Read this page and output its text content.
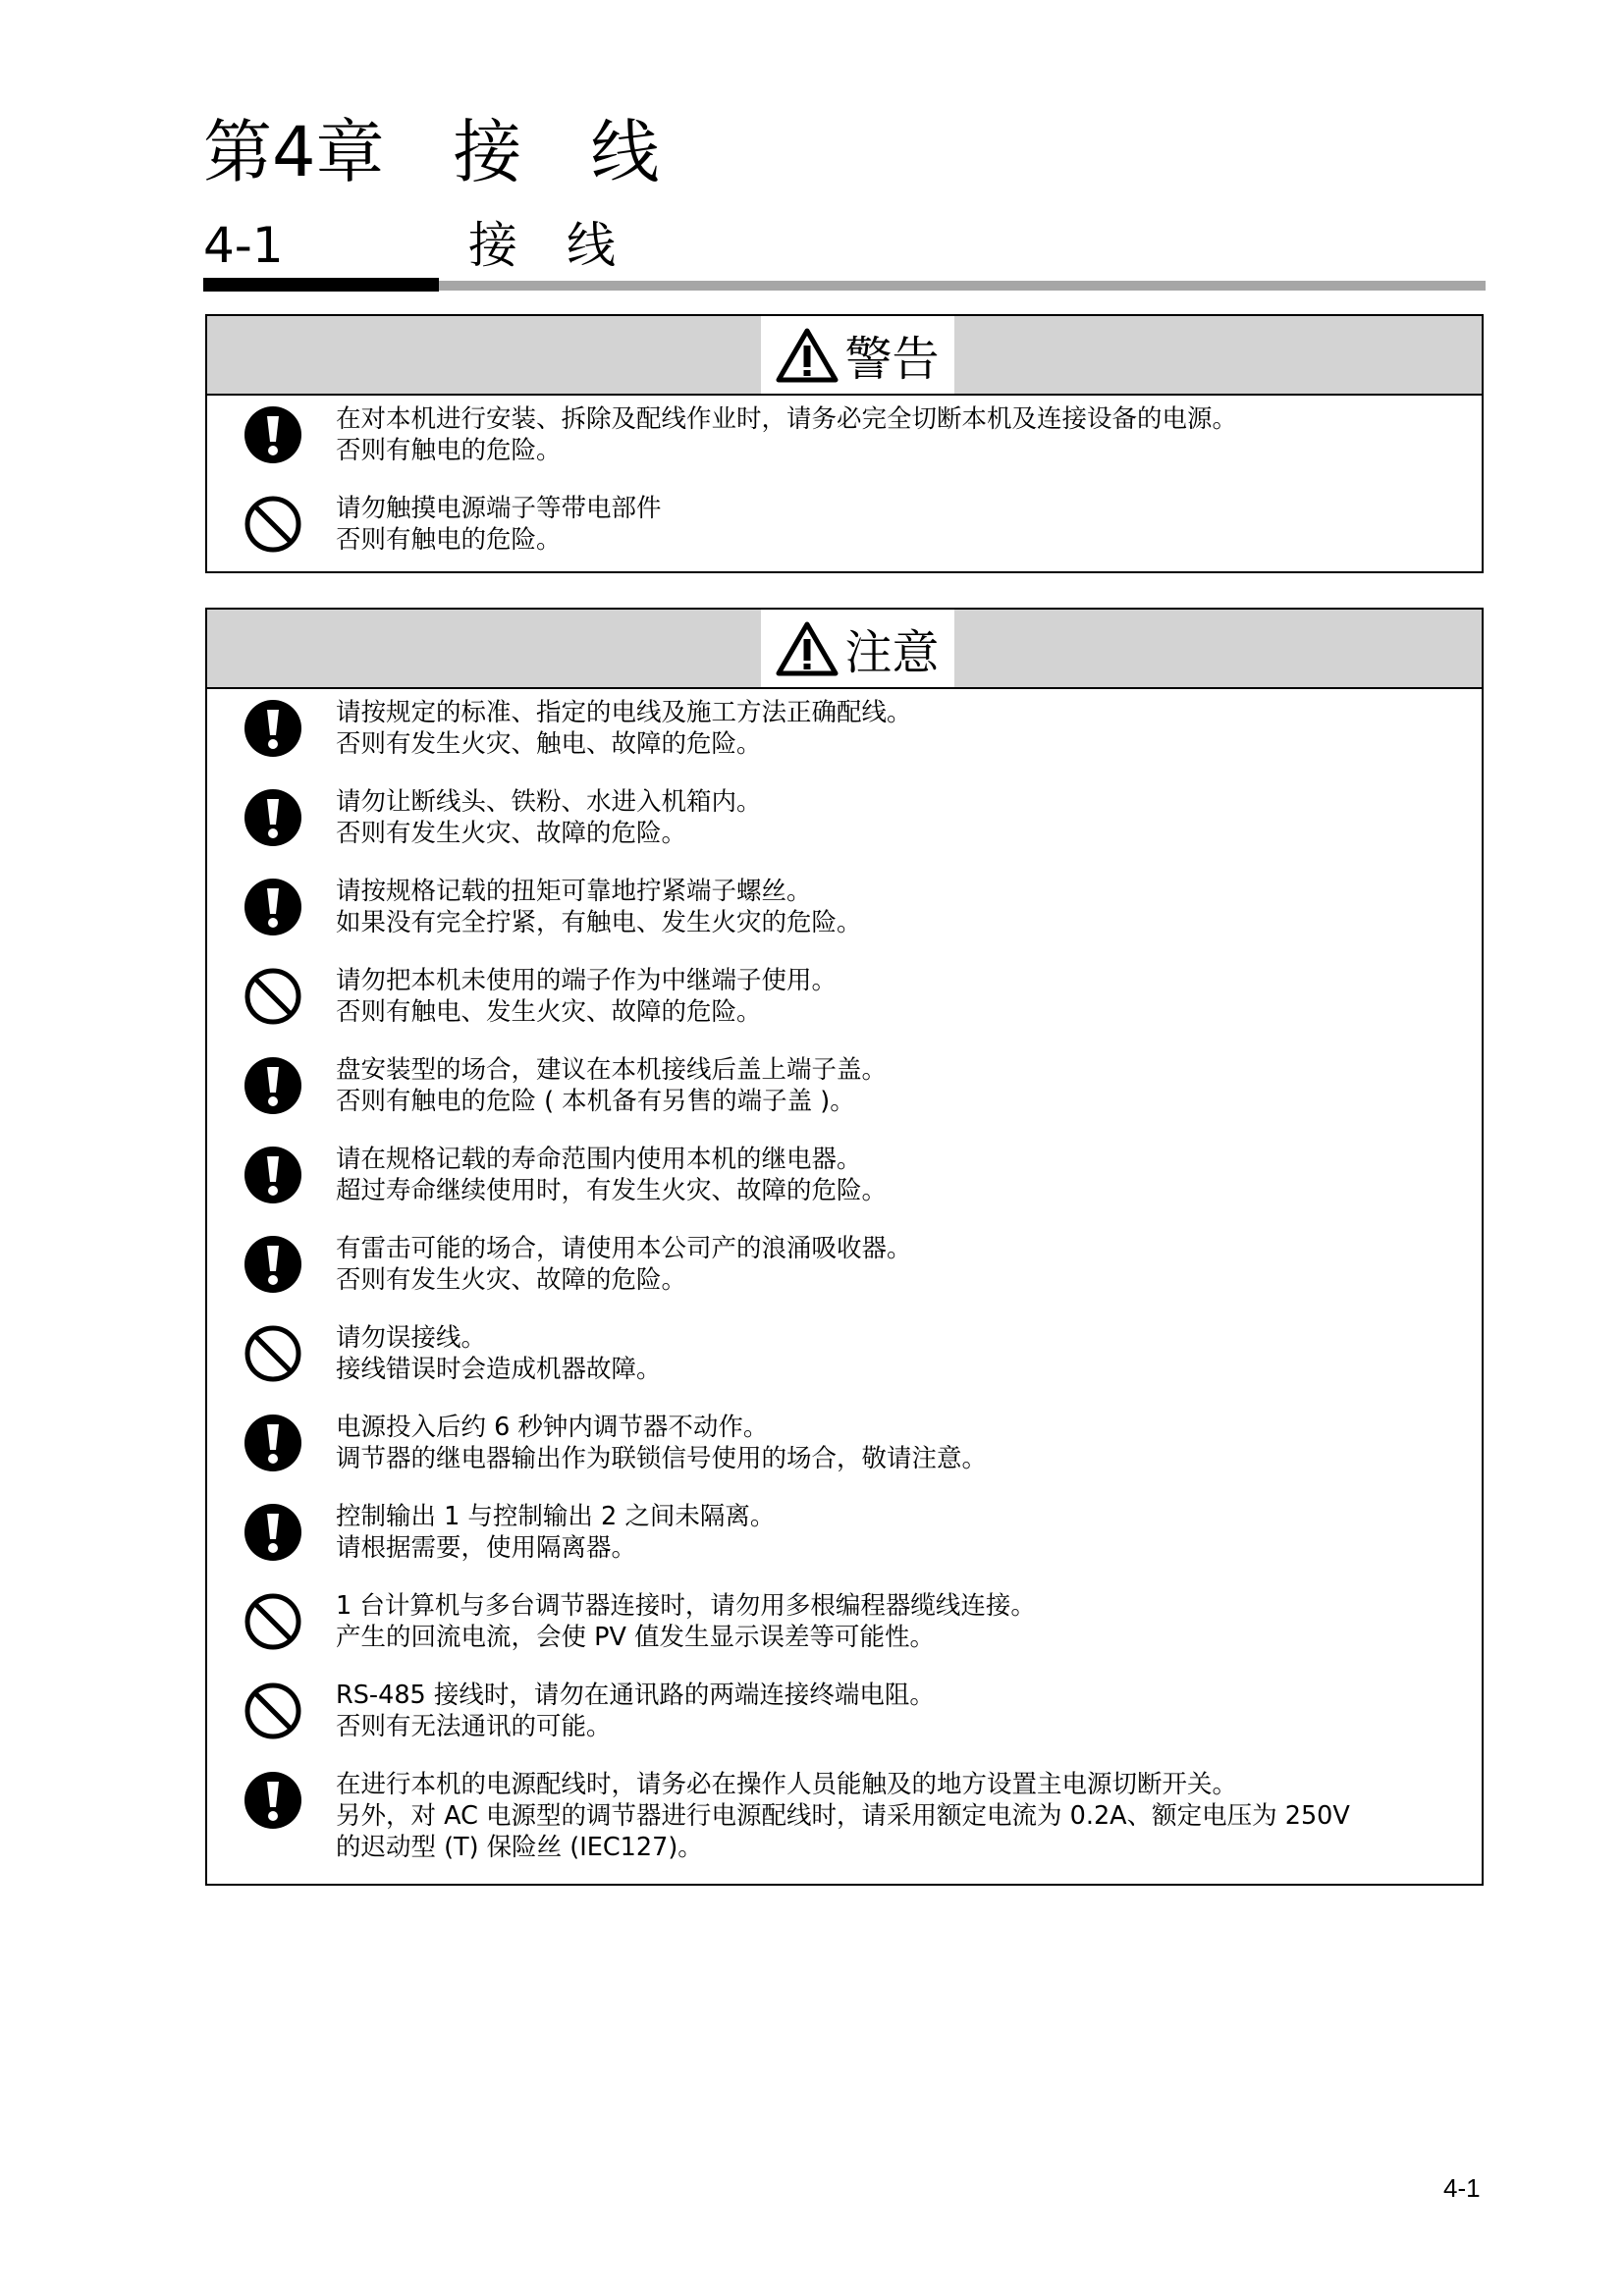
第4章　接　线
4-1	接　线
警告
在对本机进行安装、拆除及配线作业时，请务必完全切断本机及连接设备的电源。
否则有触电的危险。
请勿触摸电源端子等带电部件
否则有触电的危险。
注意
请按规定的标准、指定的电线及施工方法正确配线。
否则有发生火灾、触电、故障的危险。
请勿让断线头、铁粉、水进入机箱内。
否则有发生火灾、故障的危险。
请按规格记载的扭矩可靠地拧紧端子螺丝。
如果没有完全拧紧，有触电、发生火灾的危险。
请勿把本机未使用的端子作为中继端子使用。
否则有触电、发生火灾、故障的危险。
盘安装型的场合，建议在本机接线后盖上端子盖。
否则有触电的危险 ( 本机备有另售的端子盖 )。
请在规格记载的寿命范围内使用本机的继电器。
超过寿命继续使用时，有发生火灾、故障的危险。
有雷击可能的场合，请使用本公司产的浪涌吸收器。
否则有发生火灾、故障的危险。
请勿误接线。
接线错误时会造成机器故障。
电源投入后约 6 秒钟内调节器不动作。
调节器的继电器输出作为联锁信号使用的场合，敬请注意。
控制输出 1 与控制输出 2 之间未隔离。
请根据需要，使用隔离器。
1 台计算机与多台调节器连接时，请勿用多根编程器缆线连接。
产生的回流电流，会使 PV 值发生显示误差等可能性。
RS-485 接线时，请勿在通讯路的两端连接终端电阻。
否则有无法通讯的可能。
在进行本机的电源配线时，请务必在操作人员能触及的地方设置主电源切断开关。
另外，对 AC 电源型的调节器进行电源配线时，请采用额定电流为 0.2A、额定电压为 250V
的迟动型 (T) 保险丝 (IEC127)。
4-1
